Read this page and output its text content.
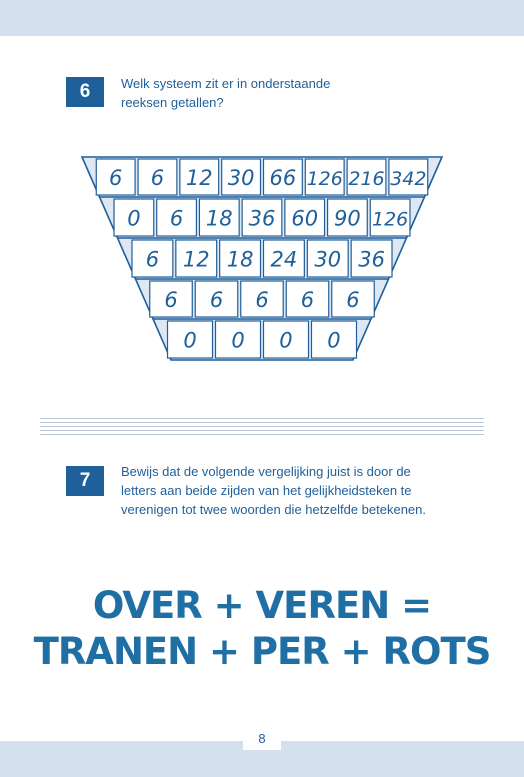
6	Welk systeem zit er in onderstaande
reeksen getallen?
6 6 12 30 66 126 216 342
0 6 18 36 60 90 126
6 12 18 24 30 36
6 6 6 6 6
0 0 0 0
7	Bewijs dat de volgende vergelijking juist is door de
letters aan beide zijden van het gelijkheidsteken te
verenigen tot twee woorden die hetzelfde betekenen.
OVER + VEREN =
TRANEN + PER + ROTS
8
